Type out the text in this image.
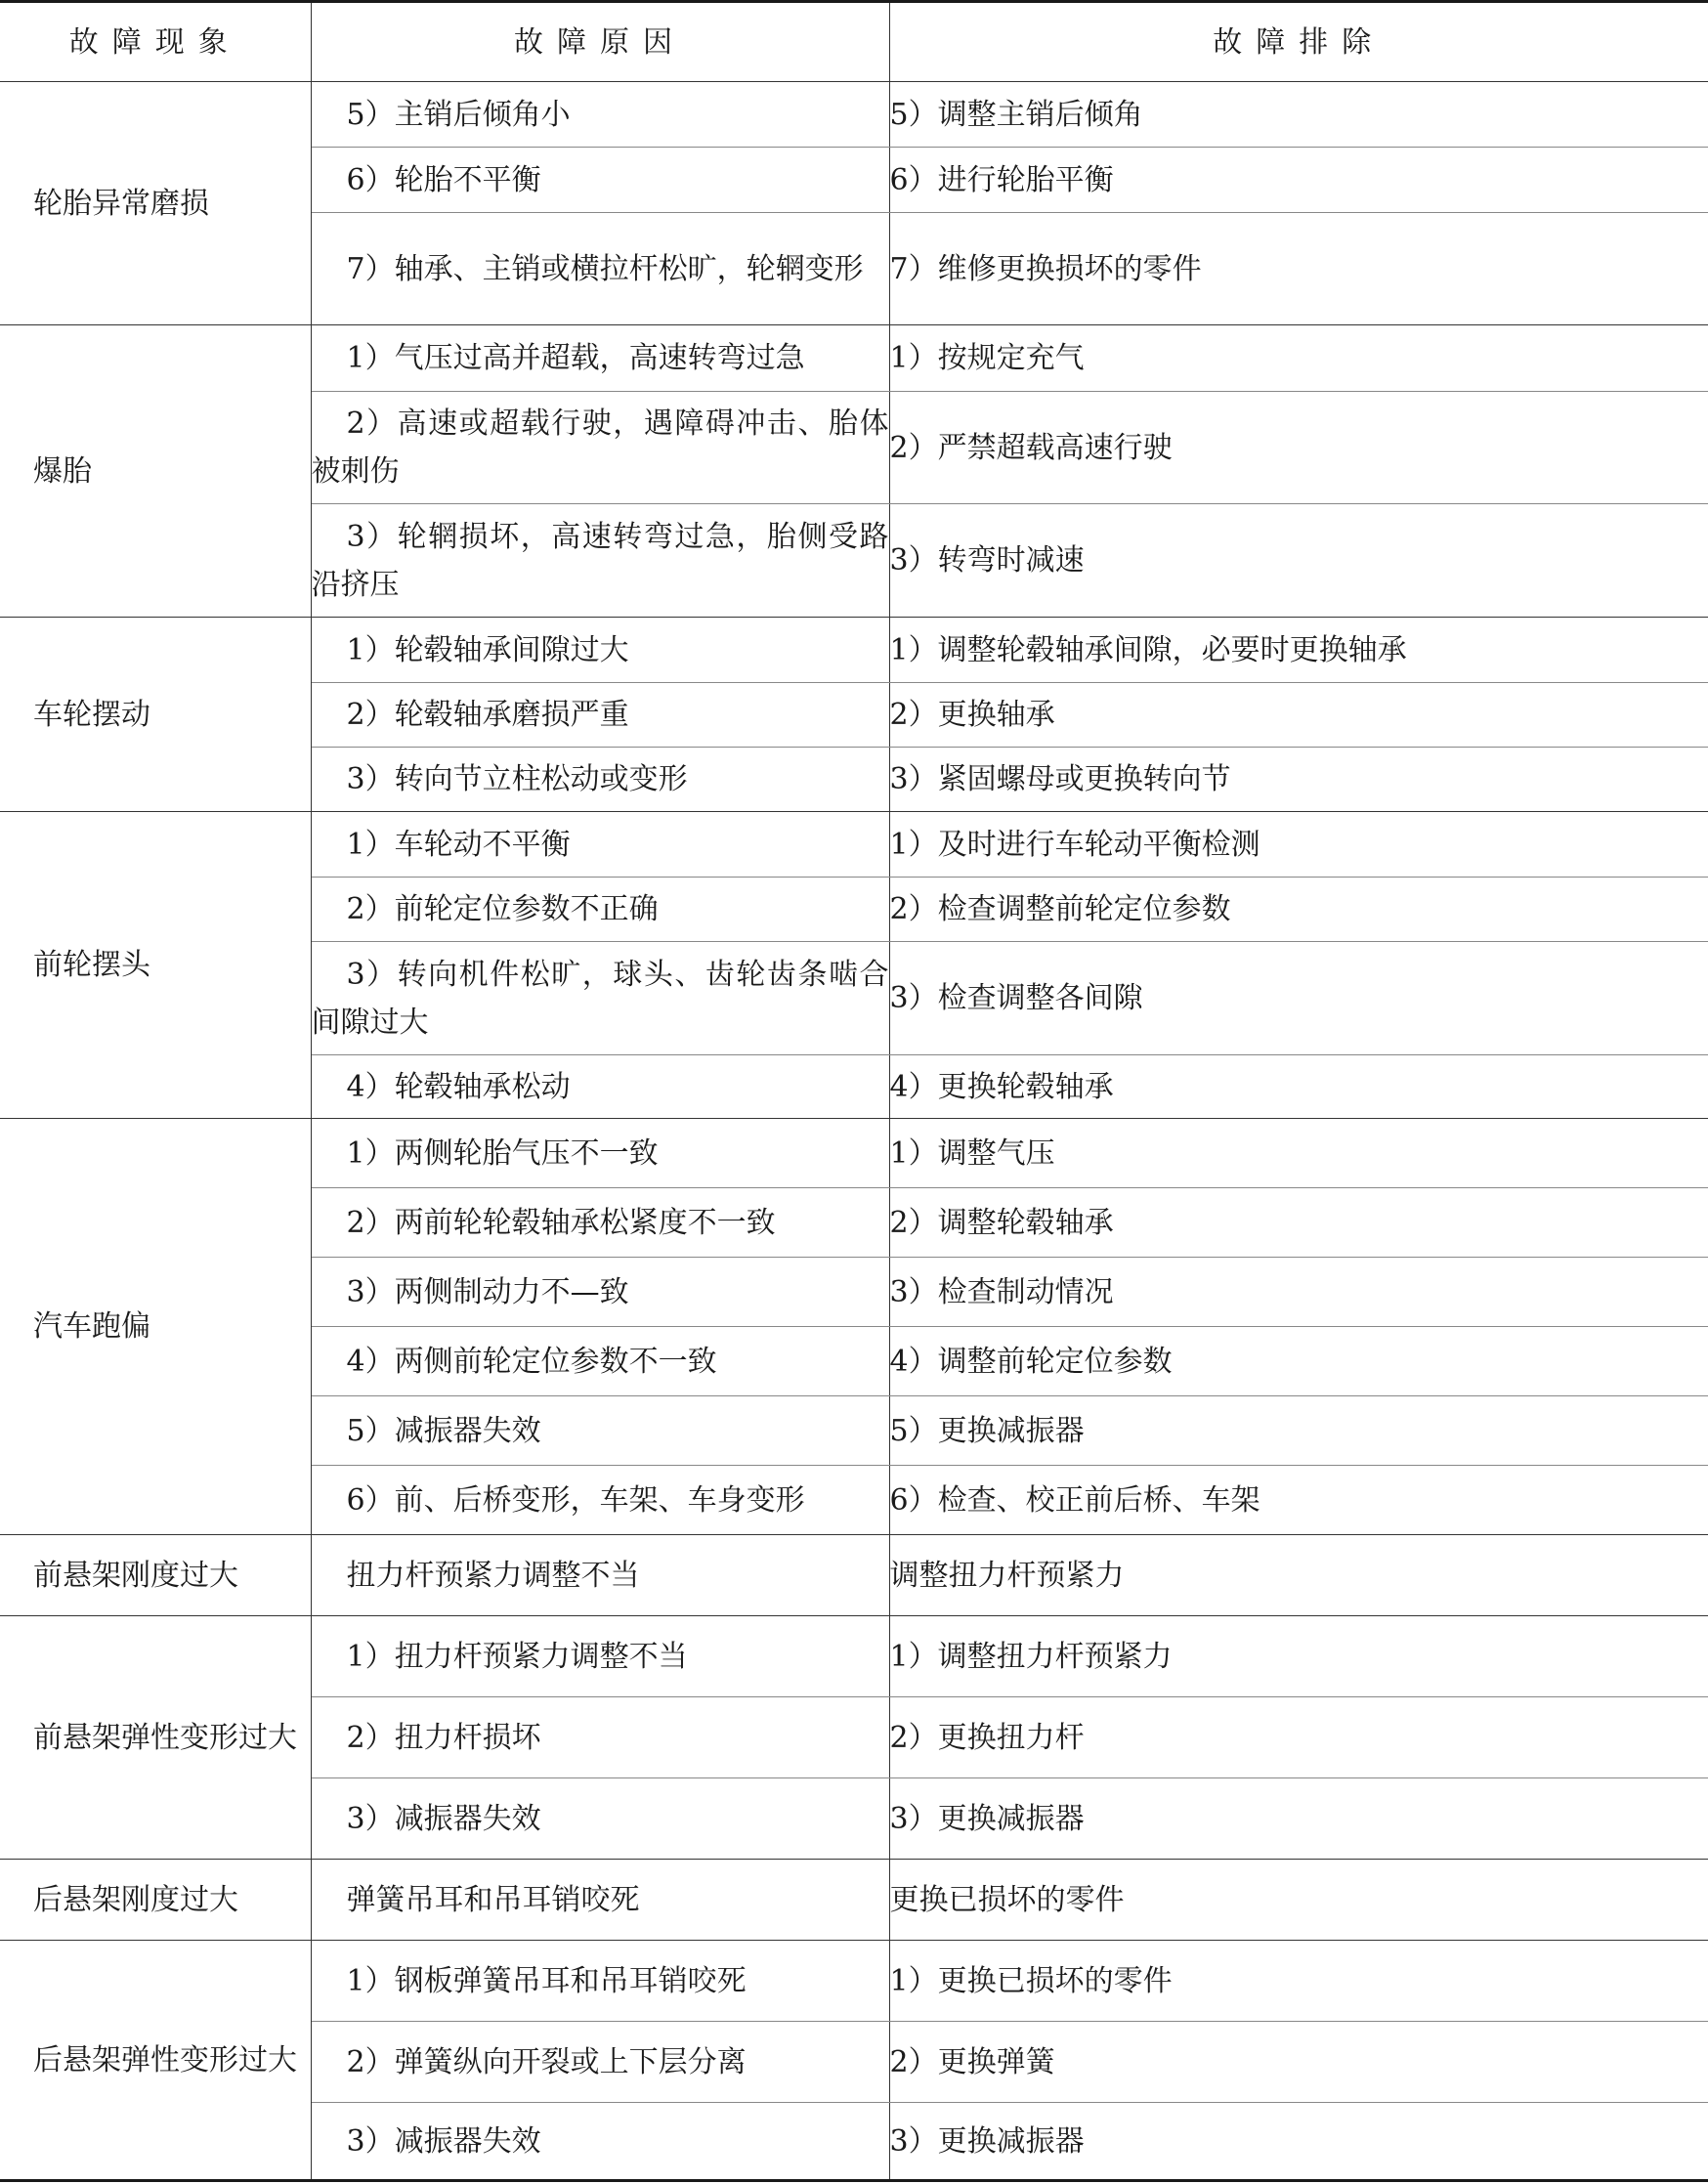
故障现象	故障原因	故障排除
轮胎异常磨损	5）主销后倾角小	5）调整主销后倾角
	6）轮胎不平衡	6）进行轮胎平衡
	7）轴承、主销或横拉杆松旷，轮辋变形	7）维修更换损坏的零件
爆胎	1）气压过高并超载，高速转弯过急	1）按规定充气
	2）高速或超载行驶，遇障碍冲击、胎体被刺伤	2）严禁超载高速行驶
	3）轮辋损坏，高速转弯过急，胎侧受路沿挤压	3）转弯时减速
车轮摆动	1）轮毂轴承间隙过大	1）调整轮毂轴承间隙，必要时更换轴承
	2）轮毂轴承磨损严重	2）更换轴承
	3）转向节立柱松动或变形	3）紧固螺母或更换转向节
前轮摆头	1）车轮动不平衡	1）及时进行车轮动平衡检测
	2）前轮定位参数不正确	2）检查调整前轮定位参数
	3）转向机件松旷，球头、齿轮齿条啮合间隙过大	3）检查调整各间隙
	4）轮毂轴承松动	4）更换轮毂轴承
汽车跑偏	1）两侧轮胎气压不一致	1）调整气压
	2）两前轮轮毂轴承松紧度不一致	2）调整轮毂轴承
	3）两侧制动力不—致	3）检查制动情况
	4）两侧前轮定位参数不一致	4）调整前轮定位参数
	5）减振器失效	5）更换减振器
	6）前、后桥变形，车架、车身变形	6）检查、校正前后桥、车架
前悬架刚度过大	扭力杆预紧力调整不当	调整扭力杆预紧力
前悬架弹性变形过大	1）扭力杆预紧力调整不当	1）调整扭力杆预紧力
	2）扭力杆损坏	2）更换扭力杆
	3）减振器失效	3）更换减振器
后悬架刚度过大	弹簧吊耳和吊耳销咬死	更换已损坏的零件
后悬架弹性变形过大	1）钢板弹簧吊耳和吊耳销咬死	1）更换已损坏的零件
	2）弹簧纵向开裂或上下层分离	2）更换弹簧
	3）减振器失效	3）更换减振器
